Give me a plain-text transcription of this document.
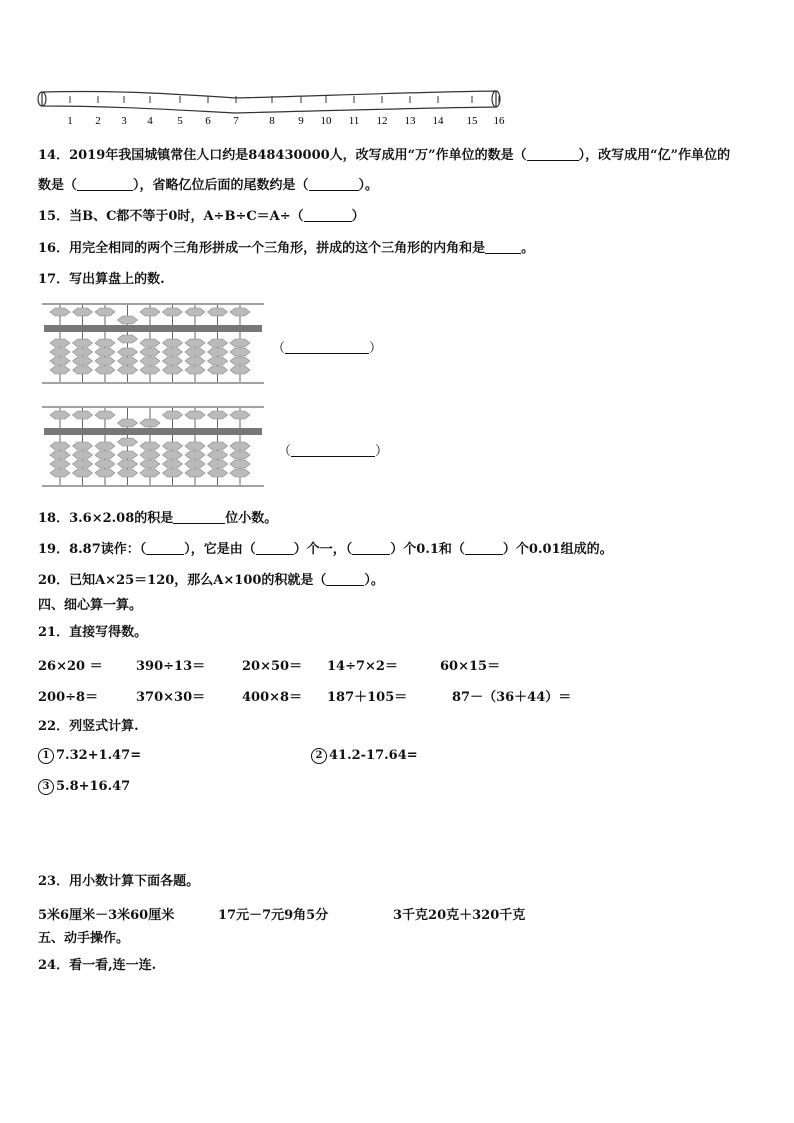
1 2 3 4 5 6 7	8 9 10 11 12 13 14 15 16
14．2019年我国城镇常住人口约是848430000人，改写成用“万”作单位的数是（	），改写成用“亿”作单位的
数是（	），省略亿位后面的尾数约是（	）。
15．当B、C都不等于0时，A÷B÷C＝A÷（	）
16．用完全相同的两个三角形拼成一个三角形，拼成的这个三角形的内角和是	。
17．写出算盘上的数.
（	）
（	）
18．3.6×2.08的积是	位小数。
19．8.87读作：（	），它是由（	）个一，（	）个0.1和（	）个0.01组成的。
20．已知A×25＝120，那么A×100的积就是（	）。
四、细心算一算。
21．直接写得数。
26×20 ＝	390÷13＝	20×50＝ 14÷7×2＝	60×15＝
200÷8＝	370×30＝	400×8＝ 187＋105＝	87－（36＋44）＝
22．列竖式计算.
1 7.32+1.47=	2 41.2-17.64=
3 5.8+16.47
23．用小数计算下面各题。
5米6厘米－3米60厘米	17元－7元9角5分	3千克20克＋320千克
五、动手操作。
24．看一看,连一连.
